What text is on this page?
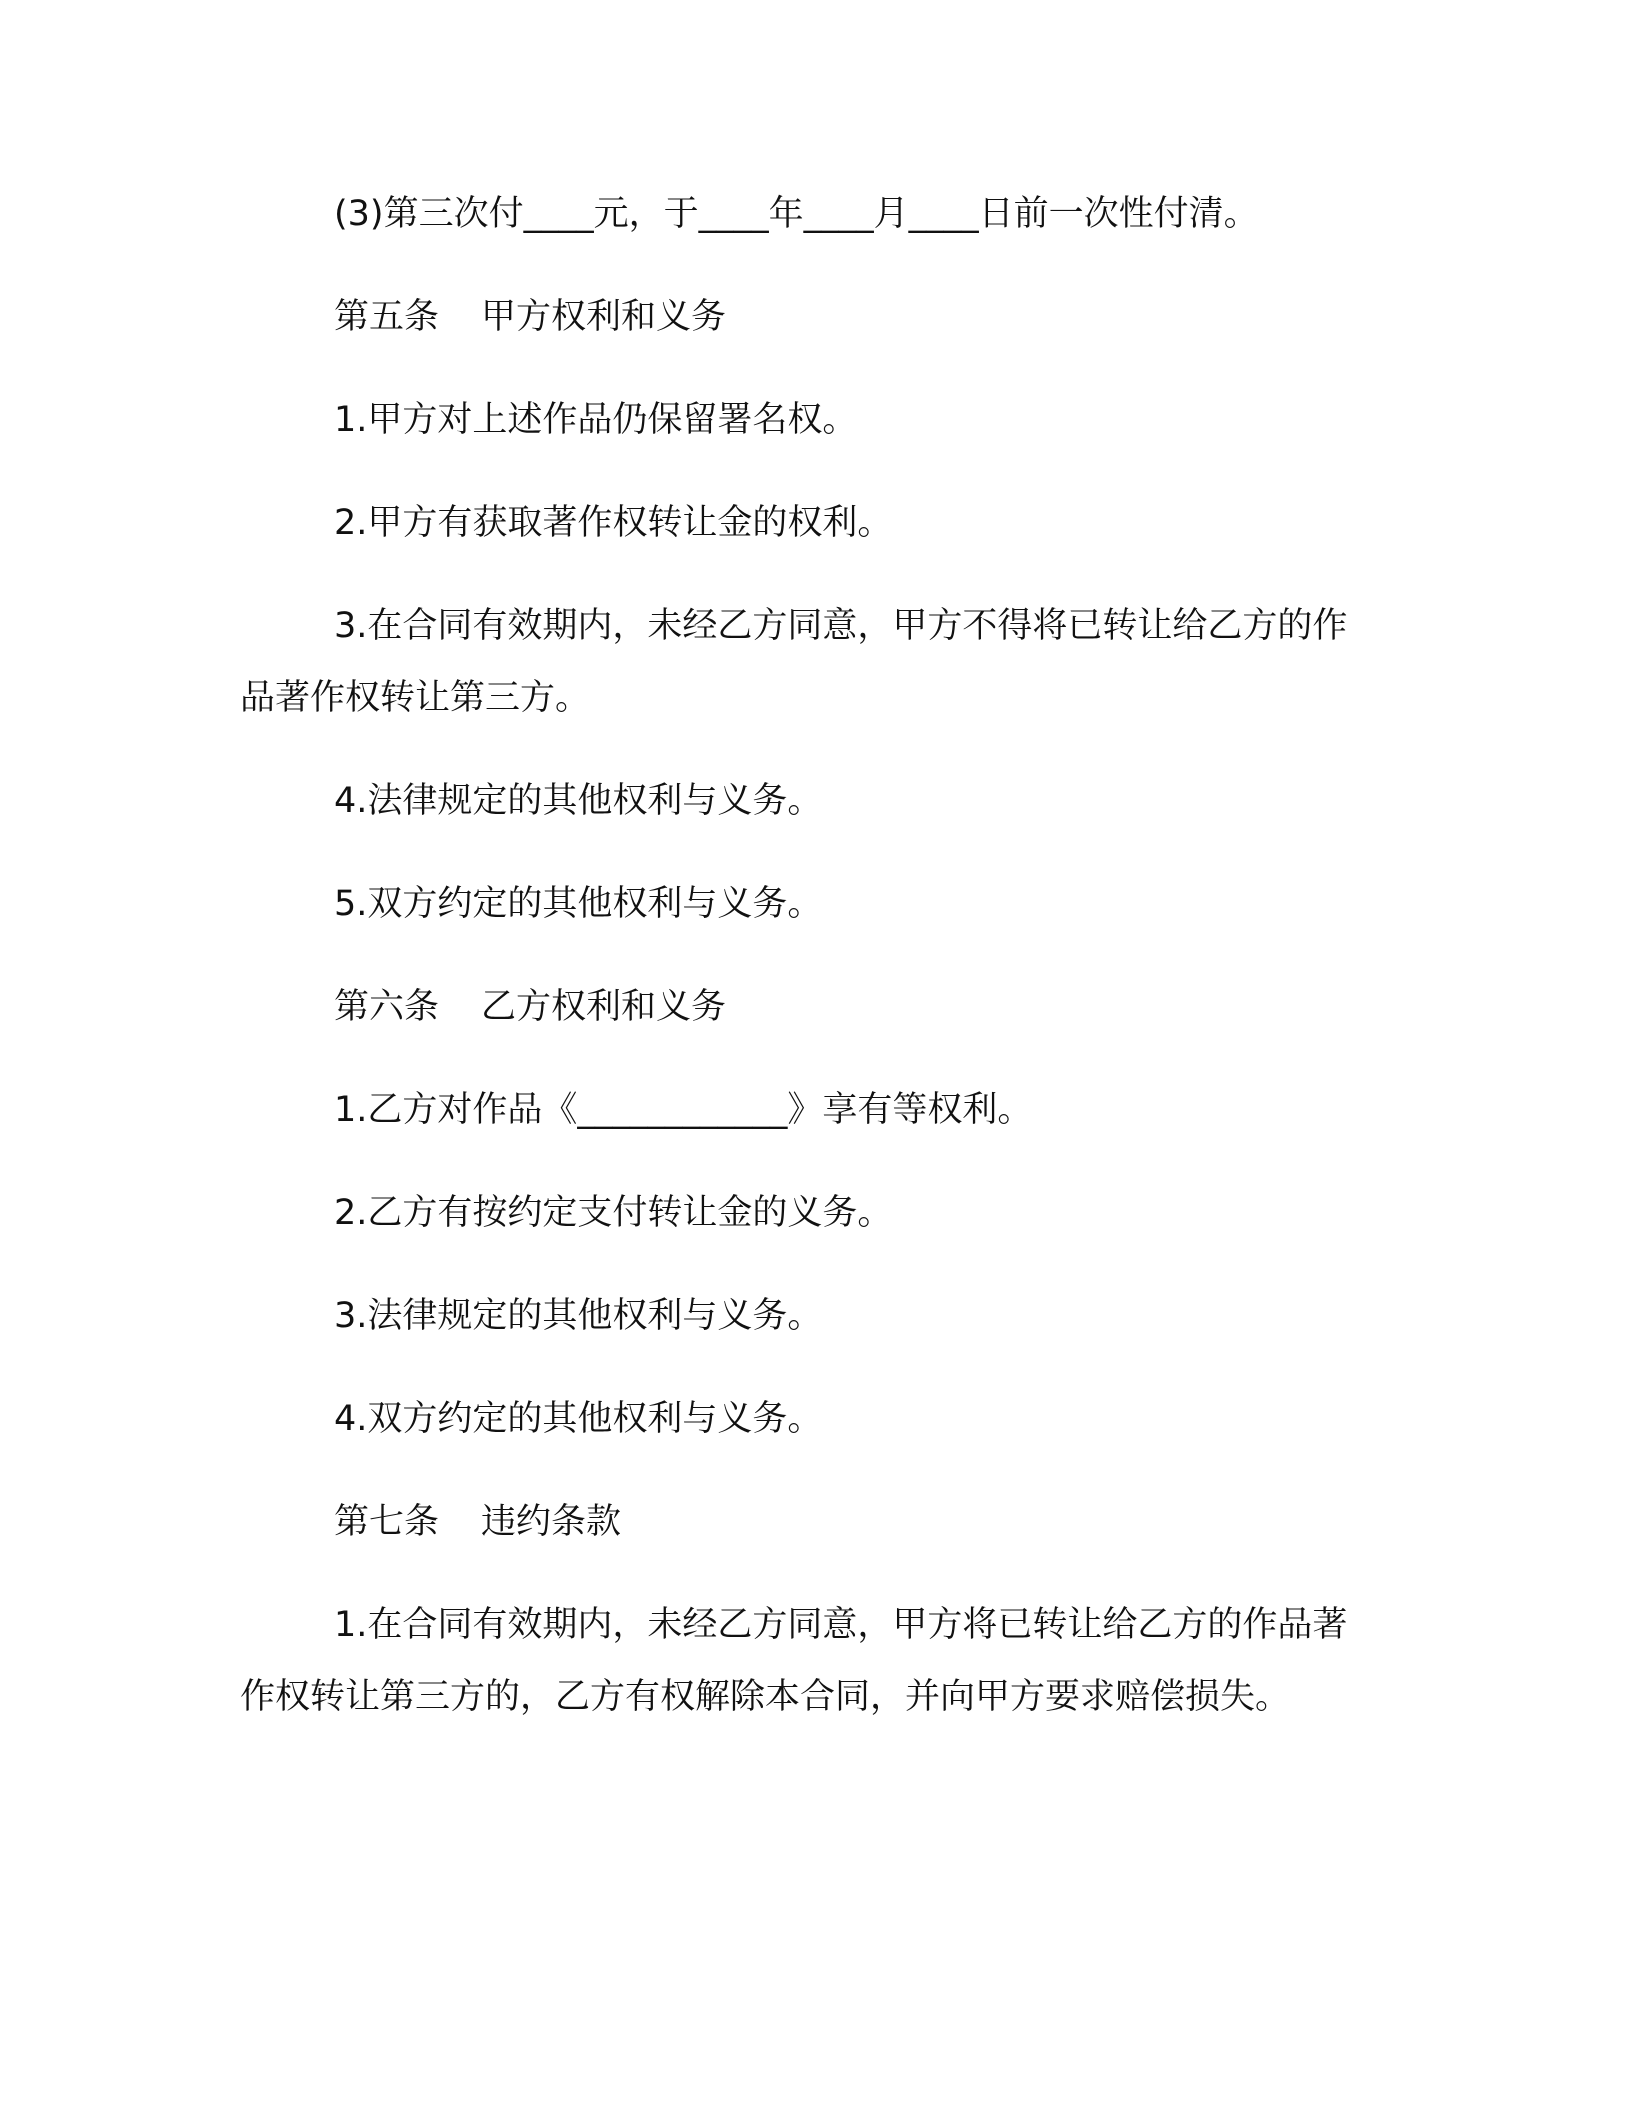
(3)第三次付____元，于____年____月____日前一次性付清。

第五条 甲方权利和义务

1.甲方对上述作品仍保留署名权。

2.甲方有获取著作权转让金的权利。

3.在合同有效期内，未经乙方同意，甲方不得将已转让给乙方的作品著作权转让第三方。

4.法律规定的其他权利与义务。

5.双方约定的其他权利与义务。

第六条 乙方权利和义务

1.乙方对作品《____________》享有等权利。

2.乙方有按约定支付转让金的义务。

3.法律规定的其他权利与义务。

4.双方约定的其他权利与义务。

第七条 违约条款

1.在合同有效期内，未经乙方同意，甲方将已转让给乙方的作品著作权转让第三方的，乙方有权解除本合同，并向甲方要求赔偿损失。
